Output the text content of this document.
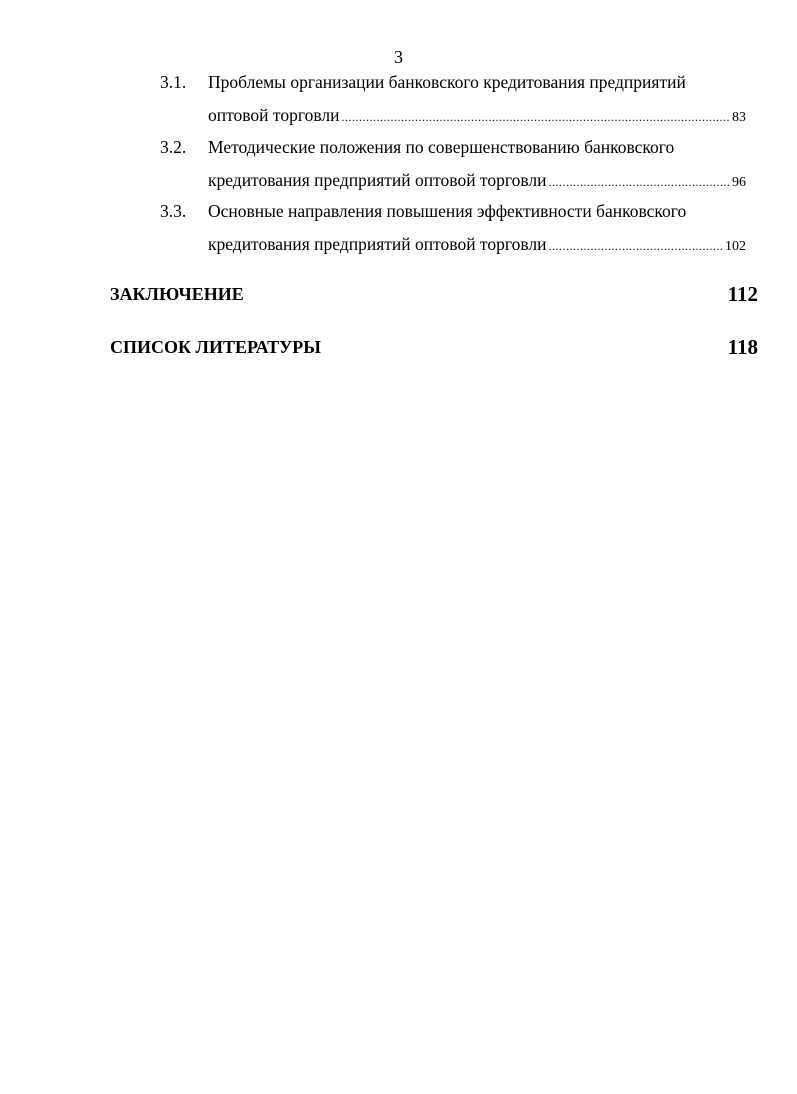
3
3.1. Проблемы организации банковского кредитования предприятий
оптовой торговли .....	83
3.2. Методические положения по совершенствованию банковского
кредитования предприятий оптовой торговли .....	96
3.3. Основные направления повышения эффективности банковского
кредитования предприятий оптовой торговли .....	102
ЗАКЛЮЧЕНИЕ	112
СПИСОК ЛИТЕРАТУРЫ	118
